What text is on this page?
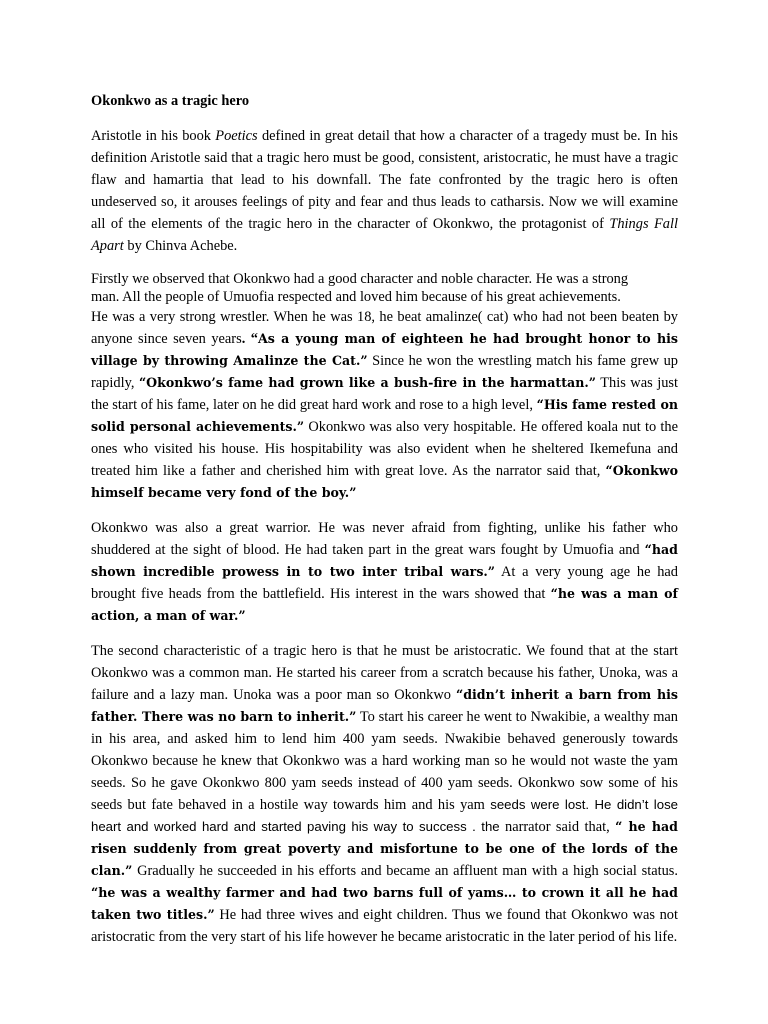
Okonkwo as a tragic hero

Aristotle in his book Poetics defined in great detail that how a character of a tragedy must be. In his definition Aristotle said that a tragic hero must be good, consistent, aristocratic, he must have a tragic flaw and hamartia that lead to his downfall. The fate confronted by the tragic hero is often undeserved so, it arouses feelings of pity and fear and thus leads to catharsis. Now we will examine all of the elements of the tragic hero in the character of Okonkwo, the protagonist of Things Fall Apart by Chinva Achebe.

Firstly we observed that Okonkwo had a good character and noble character. He was a strong
man. All the people of Umuofia respected and loved him because of his great achievements.

He was a very strong wrestler. When he was 18, he beat amalinze( cat) who had not been beaten by anyone since seven years. “As a young man of eighteen he had brought honor to his village by throwing Amalinze the Cat.” Since he won the wrestling match his fame grew up rapidly, “Okonkwo’s fame had grown like a bush-fire in the harmattan.” This was just the start of his fame, later on he did great hard work and rose to a high level, “His fame rested on solid personal achievements.” Okonkwo was also very hospitable. He offered koala nut to the ones who visited his house. His hospitability was also evident when he sheltered Ikemefuna and treated him like a father and cherished him with great love. As the narrator said that, “Okonkwo himself became very fond of the boy.”

Okonkwo was also a great warrior. He was never afraid from fighting, unlike his father who shuddered at the sight of blood. He had taken part in the great wars fought by Umuofia and “had shown incredible prowess in to two inter tribal wars.” At a very young age he had brought five heads from the battlefield. His interest in the wars showed that “he was a man of action, a man of war.”

The second characteristic of a tragic hero is that he must be aristocratic. We found that at the start Okonkwo was a common man. He started his career from a scratch because his father, Unoka, was a failure and a lazy man. Unoka was a poor man so Okonkwo “didn’t inherit a barn from his father. There was no barn to inherit.” To start his career he went to Nwakibie, a wealthy man in his area, and asked him to lend him 400 yam seeds. Nwakibie behaved generously towards Okonkwo because he knew that Okonkwo was a hard working man so he would not waste the yam seeds. So he gave Okonkwo 800 yam seeds instead of 400 yam seeds. Okonkwo sow some of his seeds but fate behaved in a hostile way towards him and his yam seeds were lost. He didn’t lose heart and worked hard and started paving his way to success . the narrator said that, “ he had risen suddenly from great poverty and misfortune to be one of the lords of the clan.” Gradually he succeeded in his efforts and became an affluent man with a high social status. “he was a wealthy farmer and had two barns full of yams… to crown it all he had taken two titles.” He had three wives and eight children. Thus we found that Okonkwo was not aristocratic from the very start of his life however he became aristocratic in the later period of his life.
